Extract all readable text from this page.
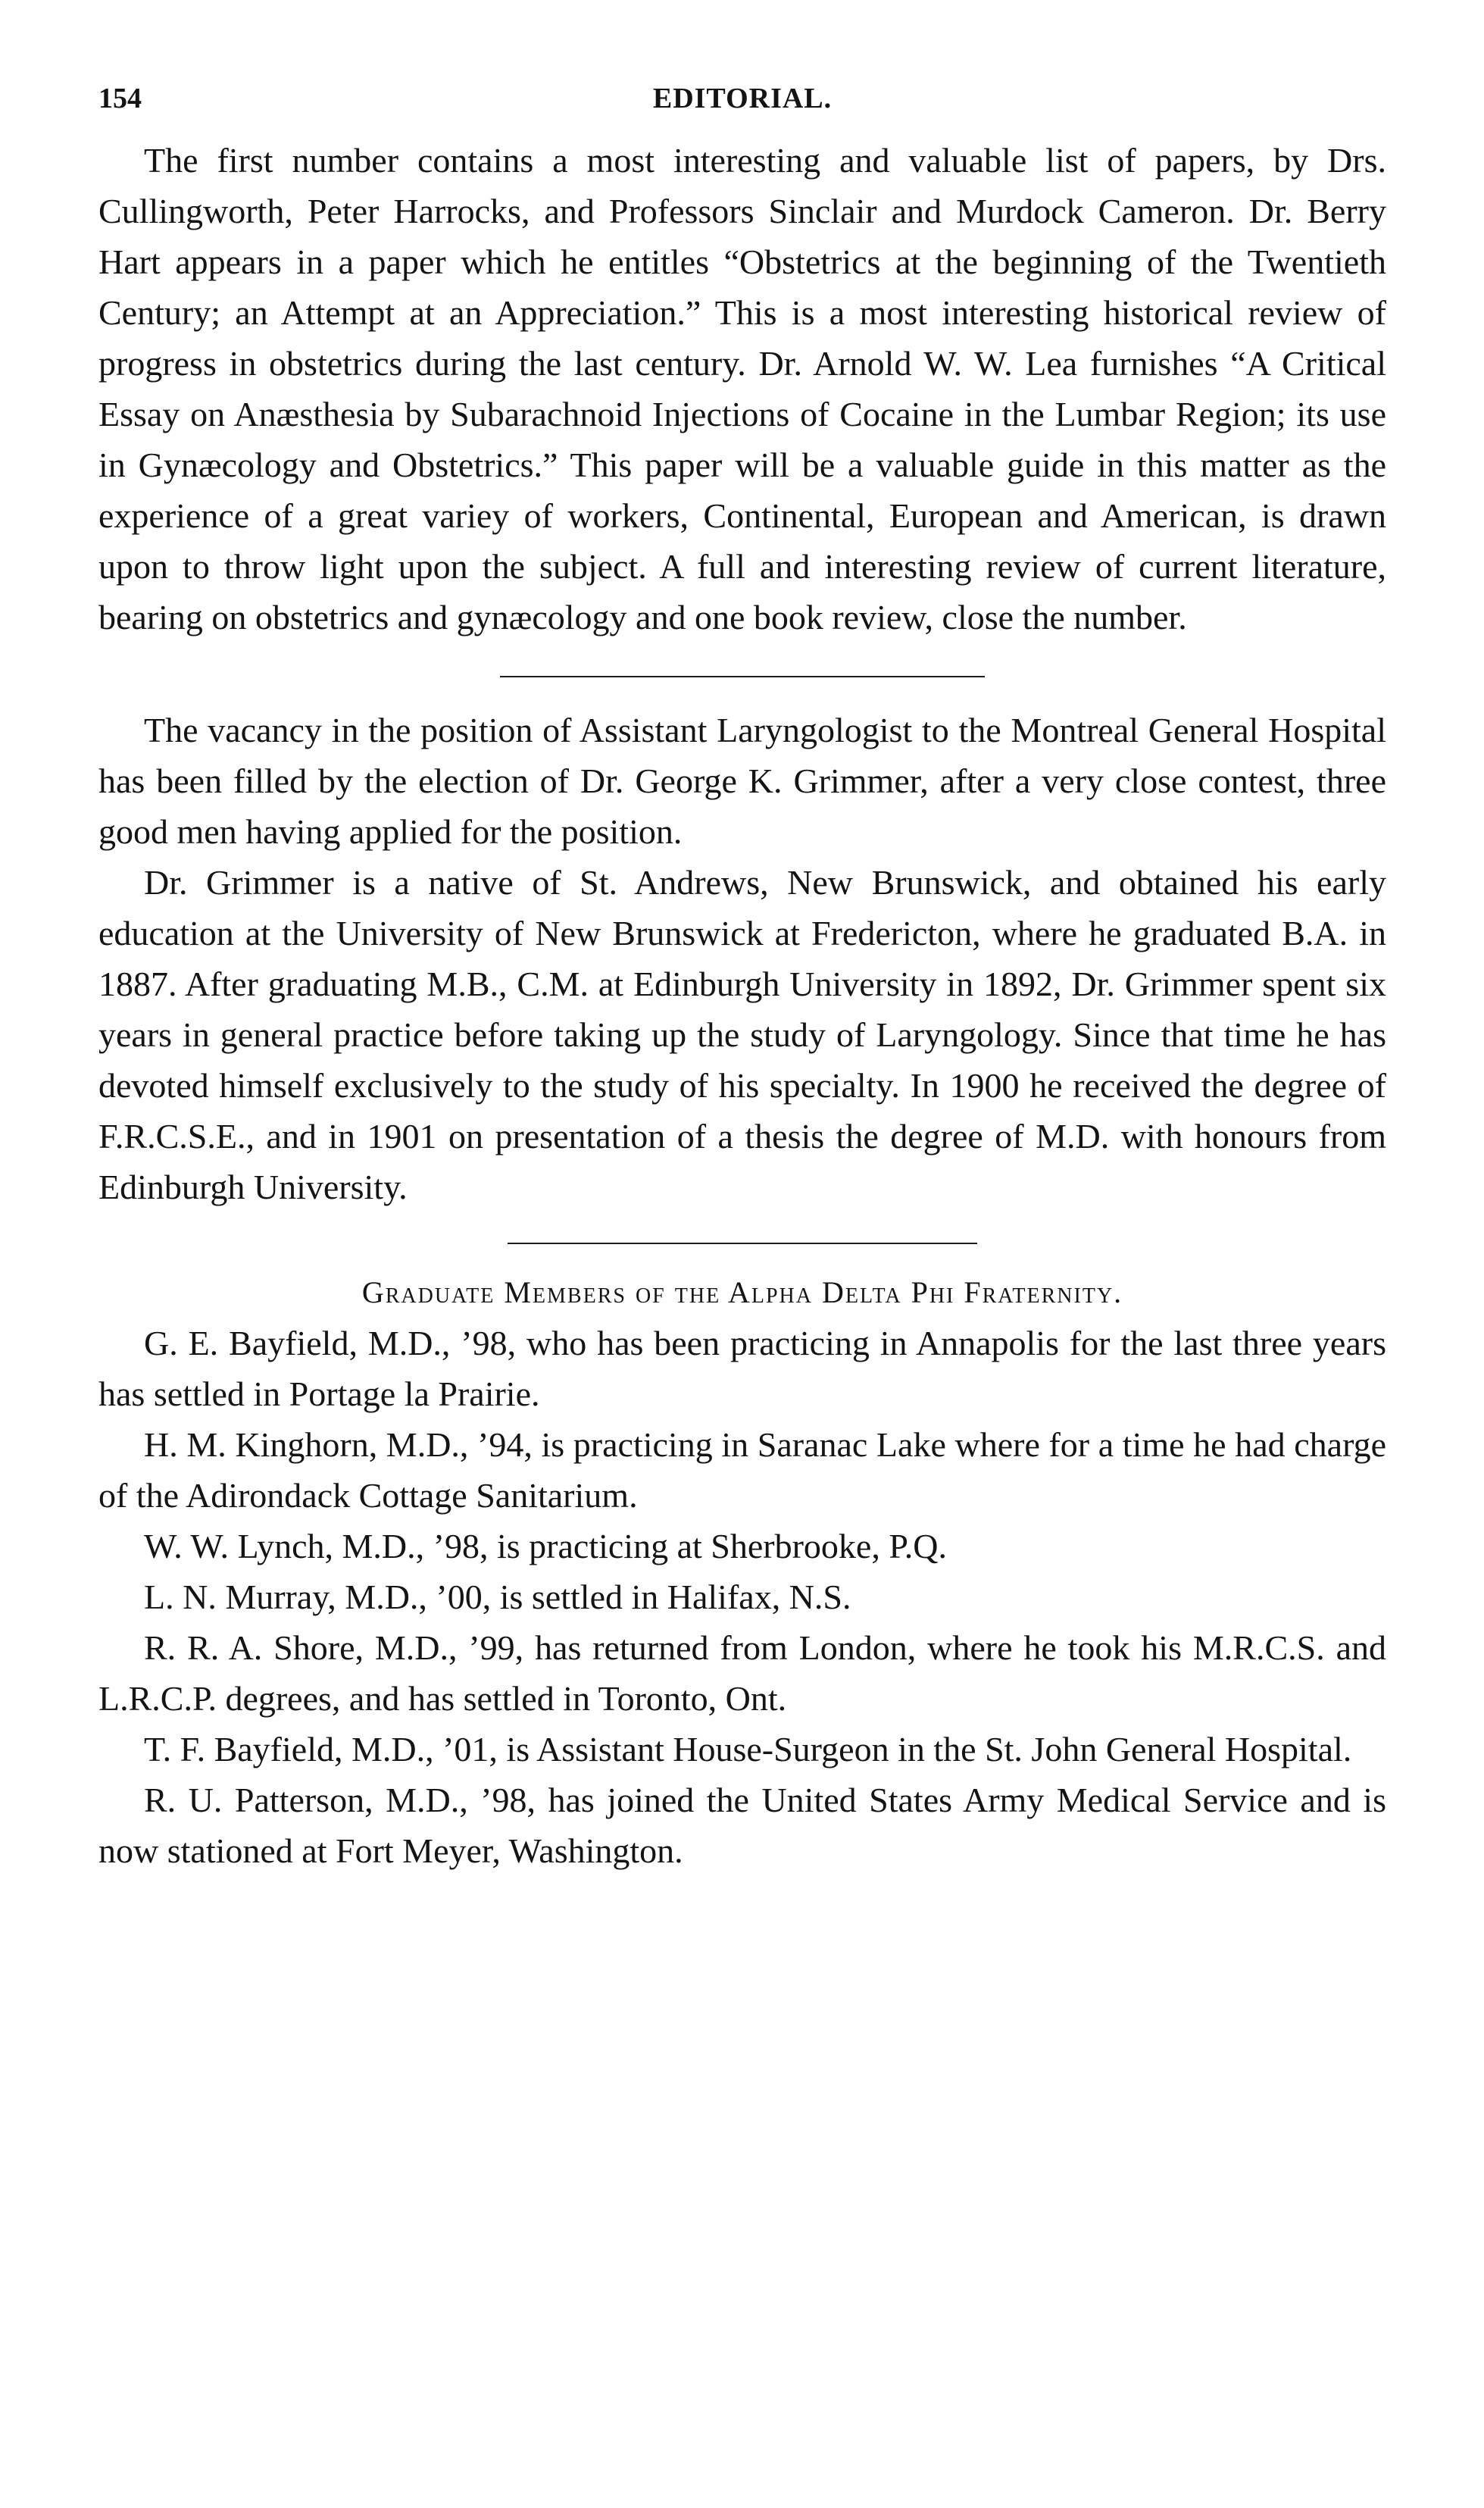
154	EDITORIAL.

The first number contains a most interesting and valuable list of papers, by Drs. Cullingworth, Peter Harrocks, and Professors Sinclair and Murdock Cameron. Dr. Berry Hart appears in a paper which he entitles “Obstetrics at the beginning of the Twentieth Century; an Attempt at an Appreciation.” This is a most interesting historical review of progress in obstetrics during the last century. Dr. Arnold W. W. Lea furnishes “A Critical Essay on Anæsthesia by Subarachnoid Injections of Cocaine in the Lumbar Region; its use in Gynæcology and Obstetrics.” This paper will be a valuable guide in this matter as the experience of a great variey of workers, Continental, European and American, is drawn upon to throw light upon the subject. A full and interesting review of current literature, bearing on obstetrics and gynæcology and one book review, close the number.

The vacancy in the position of Assistant Laryngologist to the Montreal General Hospital has been filled by the election of Dr. George K. Grimmer, after a very close contest, three good men having applied for the position.

Dr. Grimmer is a native of St. Andrews, New Brunswick, and obtained his early education at the University of New Brunswick at Fredericton, where he graduated B.A. in 1887. After graduating M.B., C.M. at Edinburgh University in 1892, Dr. Grimmer spent six years in general practice before taking up the study of Laryngology. Since that time he has devoted himself exclusively to the study of his specialty. In 1900 he received the degree of F.R.C.S.E., and in 1901 on presentation of a thesis the degree of M.D. with honours from Edinburgh University.

Graduate Members of the Alpha Delta Phi Fraternity.

G. E. Bayfield, M.D., ’98, who has been practicing in Annapolis for the last three years has settled in Portage la Prairie.

H. M. Kinghorn, M.D., ’94, is practicing in Saranac Lake where for a time he had charge of the Adirondack Cottage Sanitarium.

W. W. Lynch, M.D., ’98, is practicing at Sherbrooke, P.Q.

L. N. Murray, M.D., ’00, is settled in Halifax, N.S.

R. R. A. Shore, M.D., ’99, has returned from London, where he took his M.R.C.S. and L.R.C.P. degrees, and has settled in Toronto, Ont.

T. F. Bayfield, M.D., ’01, is Assistant House-Surgeon in the St. John General Hospital.

R. U. Patterson, M.D., ’98, has joined the United States Army Medical Service and is now stationed at Fort Meyer, Washington.
